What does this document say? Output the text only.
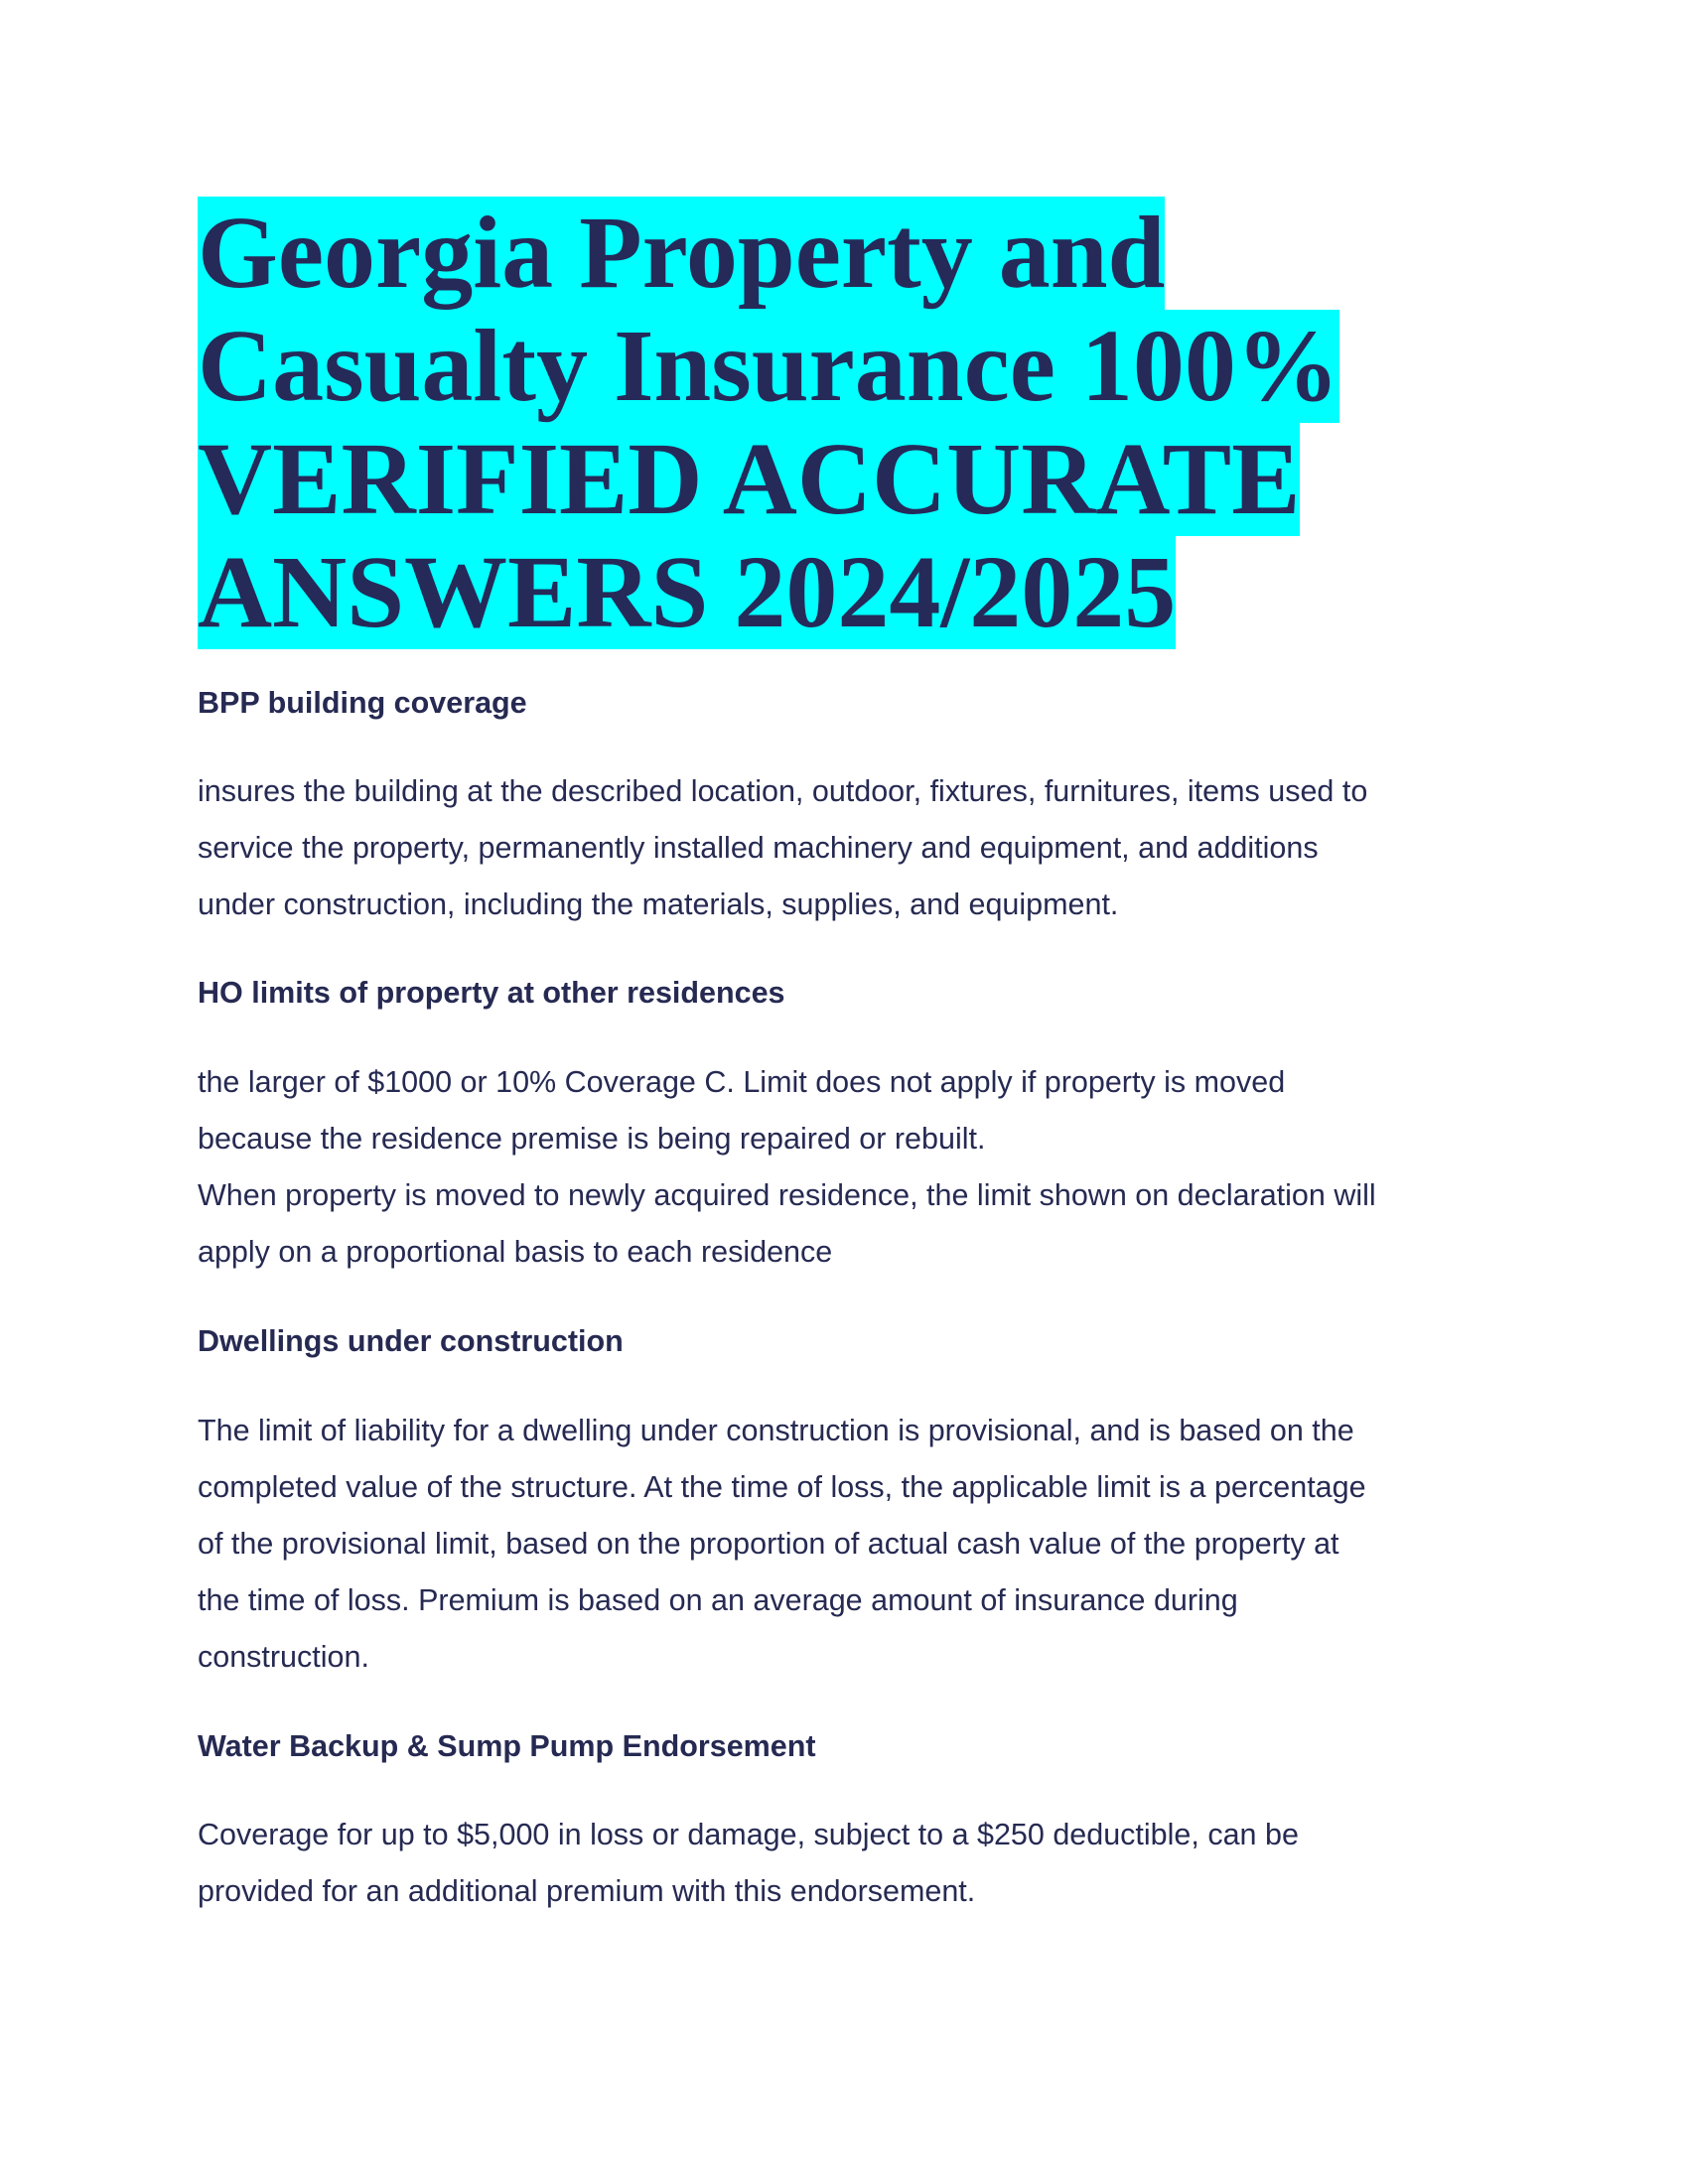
Georgia Property and
Casualty Insurance 100%
VERIFIED ACCURATE
ANSWERS 2024/2025
BPP building coverage
insures the building at the described location, outdoor, fixtures, furnitures, items used to
service the property, permanently installed machinery and equipment, and additions
under construction, including the materials, supplies, and equipment.
HO limits of property at other residences
the larger of $1000 or 10% Coverage C. Limit does not apply if property is moved
because the residence premise is being repaired or rebuilt.
When property is moved to newly acquired residence, the limit shown on declaration will
apply on a proportional basis to each residence
Dwellings under construction
The limit of liability for a dwelling under construction is provisional, and is based on the
completed value of the structure. At the time of loss, the applicable limit is a percentage
of the provisional limit, based on the proportion of actual cash value of the property at
the time of loss. Premium is based on an average amount of insurance during
construction.
Water Backup & Sump Pump Endorsement
Coverage for up to $5,000 in loss or damage, subject to a $250 deductible, can be
provided for an additional premium with this endorsement.
